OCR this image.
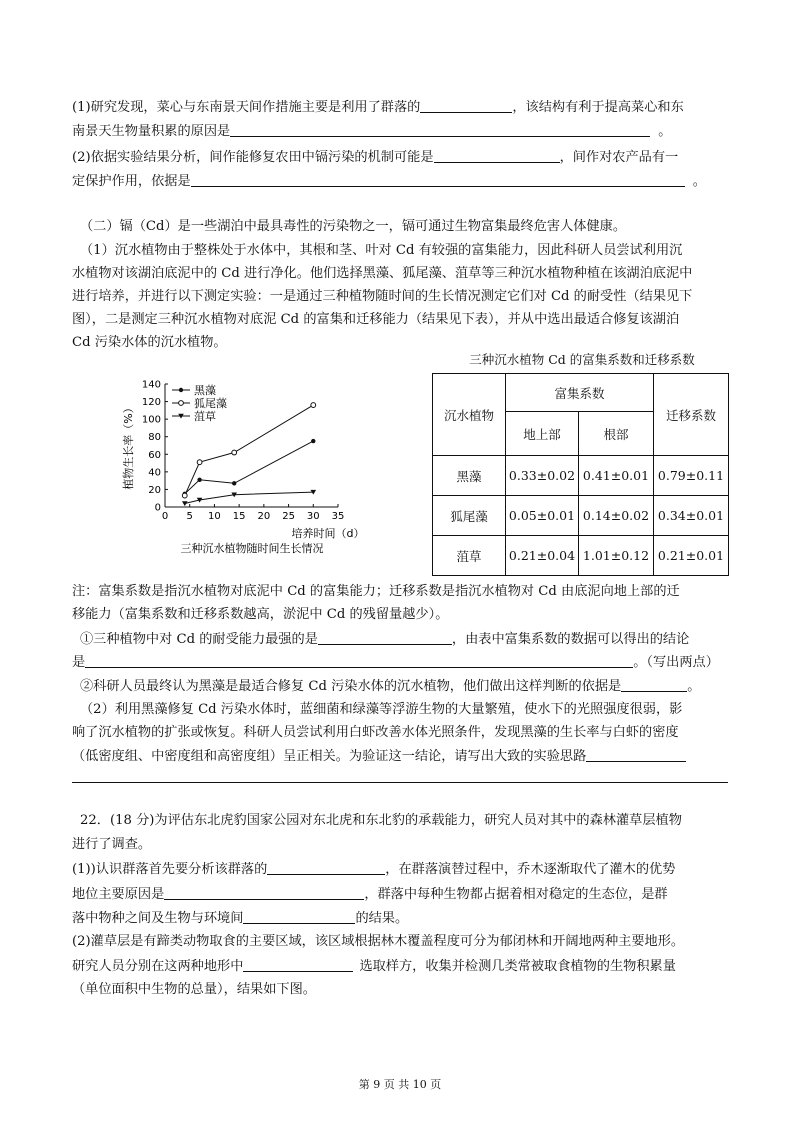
(1)研究发现，菜心与东南景天间作措施主要是利用了群落的	，该结构有利于提高菜心和东
南景天生物量积累的原因是	。
(2)依据实验结果分析，间作能修复农田中镉污染的机制可能是	，间作对农产品有一
定保护作用，依据是	。
（二）镉（Cd）是一些湖泊中最具毒性的污染物之一，镉可通过生物富集最终危害人体健康。
（1）沉水植物由于整株处于水体中，其根和茎、叶对 Cd 有较强的富集能力，因此科研人员尝试利用沉
水植物对该湖泊底泥中的 Cd 进行净化。他们选择黑藻、狐尾藻、菹草等三种沉水植物种植在该湖泊底泥中
进行培养，并进行以下测定实验：一是通过三种植物随时间的生长情况测定它们对 Cd 的耐受性（结果见下
图），二是测定三种沉水植物对底泥 Cd 的富集和迁移能力（结果见下表），并从中选出最适合修复该湖泊
Cd 污染水体的沉水植物。
0 5 10 15 20 25 30 35
0
20
40
60
80
100
120
140	黑藻
狐尾藻
菹草
植物生长率（%）
培养时间（d）
三种沉水植物随时间生长情况
三种沉水植物 Cd 的富集系数和迁移系数
沉水植物	富集系数		迁移系数
	地上部	根部	
黑藻	0.33±0.02	0.41±0.01	0.79±0.11
狐尾藻	0.05±0.01	0.14±0.02	0.34±0.01
菹草	0.21±0.04	1.01±0.12	0.21±0.01
注：富集系数是指沉水植物对底泥中 Cd 的富集能力；迁移系数是指沉水植物对 Cd 由底泥向地上部的迁
移能力（富集系数和迁移系数越高，淤泥中 Cd 的残留量越少）。
①三种植物中对 Cd 的耐受能力最强的是	，由表中富集系数的数据可以得出的结论
是	。（写出两点）
②科研人员最终认为黑藻是最适合修复 Cd 污染水体的沉水植物，他们做出这样判断的依据是	。
（2）利用黑藻修复 Cd 污染水体时，蓝细菌和绿藻等浮游生物的大量繁殖，使水下的光照强度很弱，影
响了沉水植物的扩张或恢复。科研人员尝试利用白虾改善水体光照条件，发现黑藻的生长率与白虾的密度
（低密度组、中密度组和高密度组）呈正相关。为验证这一结论，请写出大致的实验思路
22．(18 分)为评估东北虎豹国家公园对东北虎和东北豹的承载能力，研究人员对其中的森林灌草层植物
进行了调查。
(1))认识群落首先要分析该群落的	，在群落演替过程中，乔木逐渐取代了灌木的优势
地位主要原因是	，群落中每种生物都占据着相对稳定的生态位，是群
落中物种之间及生物与环境间	的结果。
(2)灌草层是有蹄类动物取食的主要区域，该区域根据林木覆盖程度可分为郁闭林和开阔地两种主要地形。
研究人员分别在这两种地形中	选取样方，收集并检测几类常被取食植物的生物积累量
（单位面积中生物的总量），结果如下图。
第 9 页 共 10 页
